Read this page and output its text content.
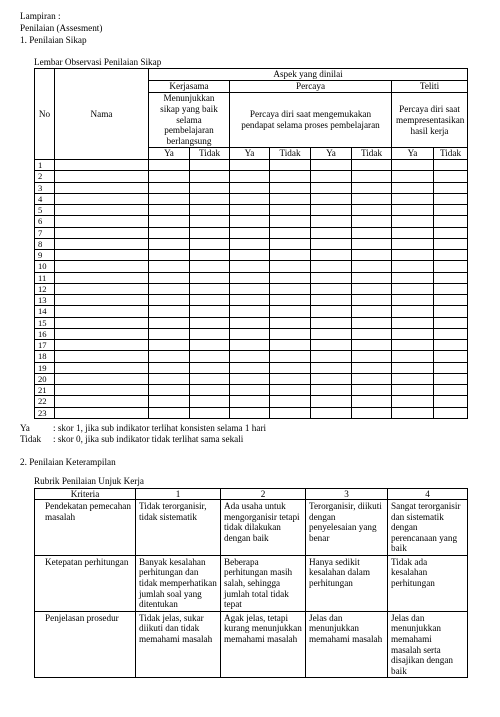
Lampiran :
Penilaian (Assesment)
1. Penilaian Sikap
Lembar Observasi Penilaian Sikap
No	Nama	Aspek yang dinilai							
		Kerjasama		Percaya				Teliti	
		Menunjukkan sikap yang baik selama pembelajaran berlangsung		Percaya diri saat mengemukakan pendapat selama proses pembelajaran				Percaya diri saat mempresentasikan hasil kerja	
		Ya	Tidak	Ya	Tidak	Ya	Tidak	Ya	Tidak
1									
2									
3									
4									
5									
6									
7									
8									
9									
10									
11									
12									
13									
14									
15									
16									
17									
18									
19									
20									
21									
22									
23									
Ya	: skor 1, jika sub indikator terlihat konsisten selama 1 hari
Tidak : skor 0, jika sub indikator tidak terlihat sama sekali
2. Penilaian Keterampilan
Rubrik Penilaian Unjuk Kerja
Kriteria	1	2	3	4
Pendekatan pemecahan masalah	Tidak terorganisir, tidak sistematik	Ada usaha untuk mengorganisir tetapi tidak dilakukan dengan baik	Terorganisir, diikuti dengan penyelesaian yang benar	Sangat terorganisir dan sistematik dengan perencanaan yang baik
Ketepatan perhitungan	Banyak kesalahan perhitungan dan tidak memperhatikan jumlah soal yang ditentukan	Beberapa perhitungan masih salah, sehingga jumlah total tidak tepat	Hanya sedikit kesalahan dalam perhitungan	Tidak ada kesalahan perhitungan
Penjelasan prosedur	Tidak jelas, sukar diikuti dan tidak memahami masalah	Agak jelas, tetapi kurang menunjukkan memahami masalah	Jelas dan menunjukkan memahami masalah	Jelas dan menunjukkan memahami masalah serta disajikan dengan baik
